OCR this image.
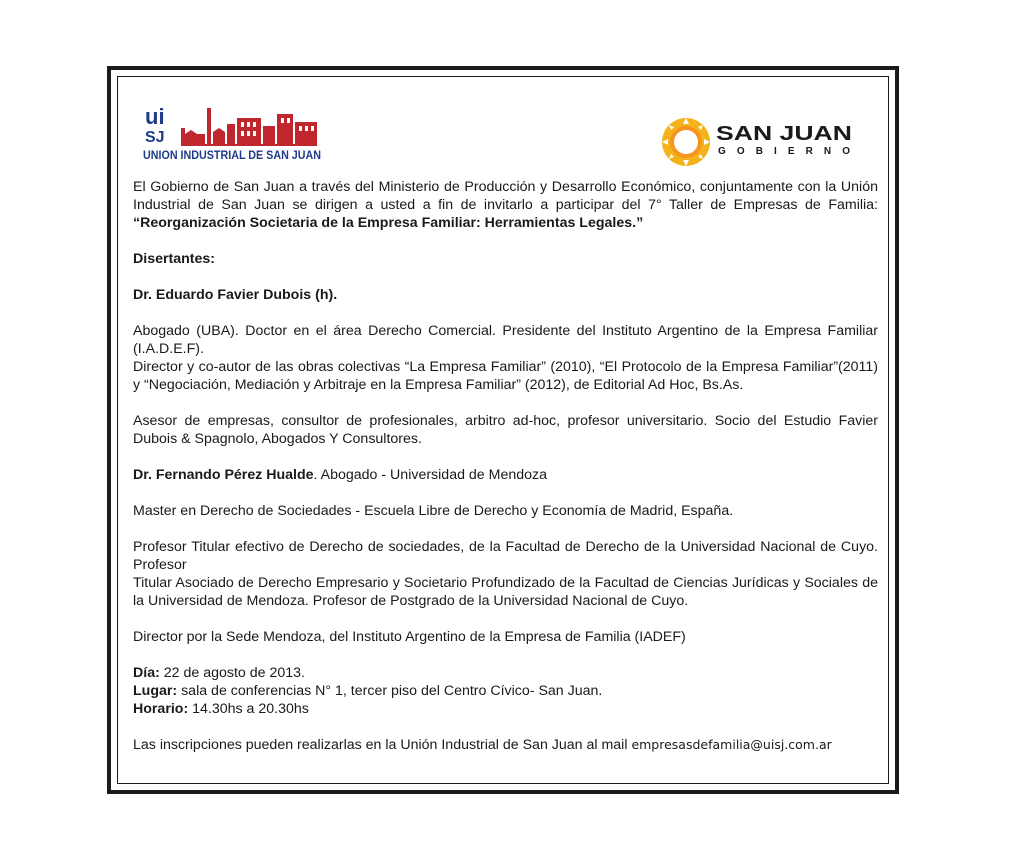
ui
SJ
UNION INDUSTRIAL DE SAN JUAN
SAN JUAN
GOBIERNO

El Gobierno de San Juan a través del Ministerio de Producción y Desarrollo Económico, conjuntamente con la Unión Industrial de San Juan se dirigen a usted a fin de invitarlo a participar del 7° Taller de Empresas de Familia: “Reorganización Societaria de la Empresa Familiar: Herramientas Legales.”

Disertantes:

Dr. Eduardo Favier Dubois (h).

Abogado (UBA). Doctor en el área Derecho Comercial. Presidente del Instituto Argentino de la Empresa Familiar (I.A.D.E.F).

Director y co-autor de las obras colectivas “La Empresa Familiar” (2010), “El Protocolo de la Empresa Familiar”(2011) y “Negociación, Mediación y Arbitraje en la Empresa Familiar” (2012), de Editorial Ad Hoc, Bs.As.

Asesor de empresas, consultor de profesionales, arbitro ad-hoc, profesor universitario. Socio del Estudio Favier Dubois & Spagnolo, Abogados Y Consultores.

Dr. Fernando Pérez Hualde. Abogado - Universidad de Mendoza

Master en Derecho de Sociedades - Escuela Libre de Derecho y Economía de Madrid, España.

Profesor Titular efectivo de Derecho de sociedades, de la Facultad de Derecho de la Universidad Nacional de Cuyo. Profesor

Titular Asociado de Derecho Empresario y Societario Profundizado de la Facultad de Ciencias Jurídicas y Sociales de la Universidad de Mendoza. Profesor de Postgrado de la Universidad Nacional de Cuyo.

Director por la Sede Mendoza, del Instituto Argentino de la Empresa de Familia (IADEF)

Día: 22 de agosto de 2013.

Lugar: sala de conferencias N° 1, tercer piso del Centro Cívico- San Juan.

Horario: 14.30hs a 20.30hs

Las inscripciones pueden realizarlas en la Unión Industrial de San Juan al mail empresasdefamilia@uisj.com.ar
